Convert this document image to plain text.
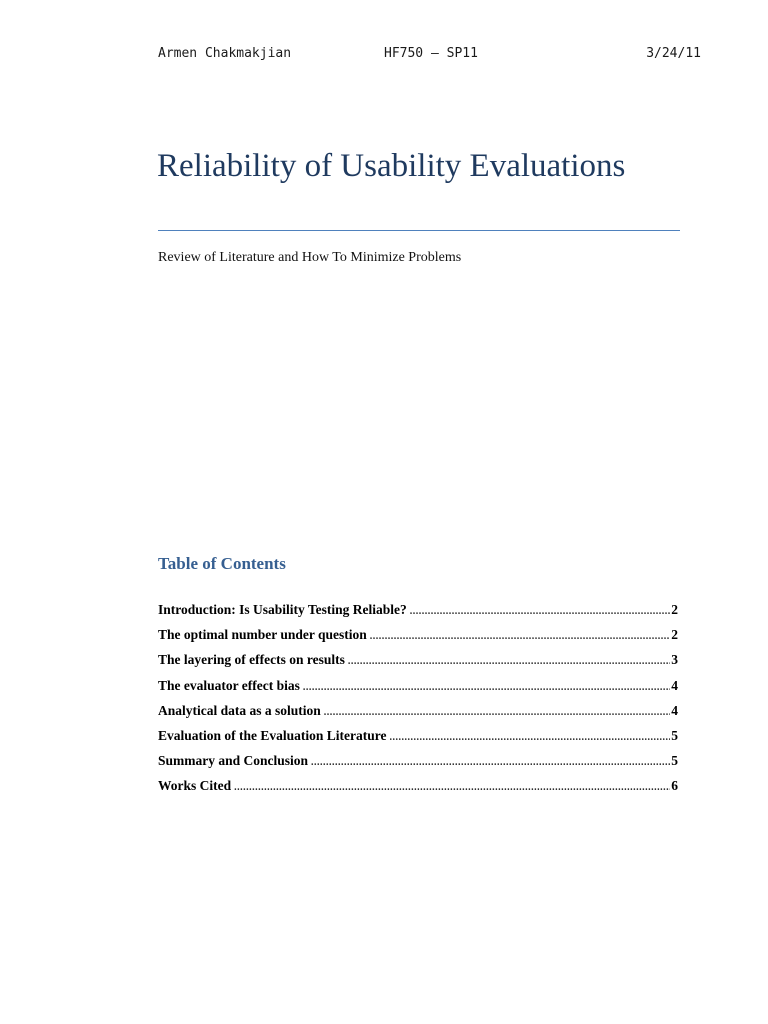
Armen Chakmakjian	HF750 – SP11	3/24/11
Reliability of Usability Evaluations
Review of Literature and How To Minimize Problems
Table of Contents
Introduction: Is Usability Testing Reliable? .....	2
The optimal number under question .....	2
The layering of effects on results .....	3
The evaluator effect bias .....	4
Analytical data as a solution .....	4
Evaluation of the Evaluation Literature .....	5
Summary and Conclusion .....	5
Works Cited .....	6
